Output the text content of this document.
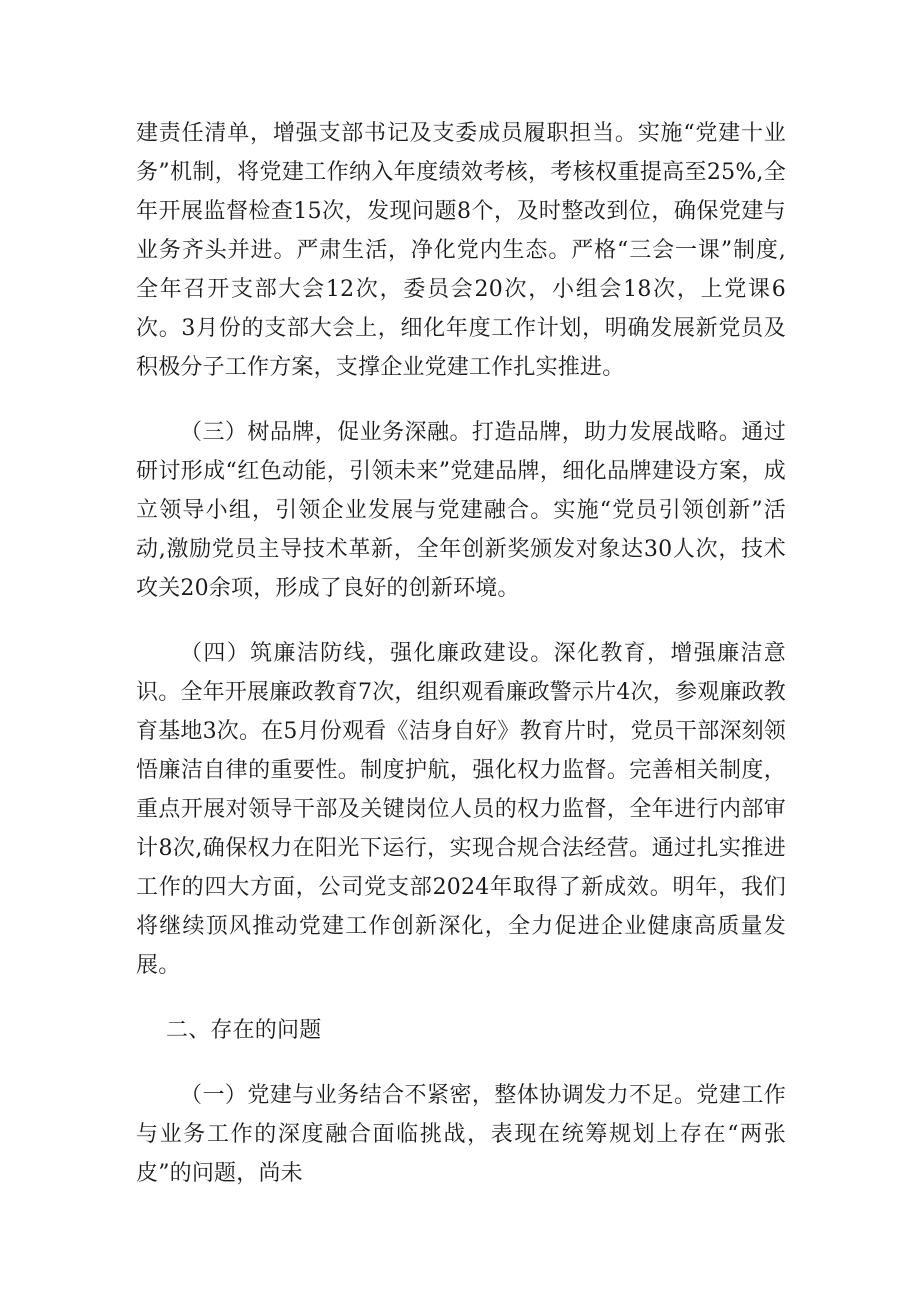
建责任清单，增强支部书记及支委成员履职担当。实施“党建十业务”机制，将党建工作纳入年度绩效考核，考核权重提高至25%,全年开展监督检查15次，发现问题8个，及时整改到位，确保党建与业务齐头并进。严肃生活，净化党内生态。严格“三会一课”制度,全年召开支部大会12次，委员会20次，小组会18次，上党课6次。3月份的支部大会上，细化年度工作计划，明确发展新党员及积极分子工作方案，支撑企业党建工作扎实推进。

（三）树品牌，促业务深融。打造品牌，助力发展战略。通过研讨形成“红色动能，引领未来”党建品牌，细化品牌建设方案，成立领导小组，引领企业发展与党建融合。实施“党员引领创新”活动,激励党员主导技术革新，全年创新奖颁发对象达30人次，技术攻关20余项，形成了良好的创新环境。

（四）筑廉洁防线，强化廉政建设。深化教育，增强廉洁意识。全年开展廉政教育7次，组织观看廉政警示片4次，参观廉政教育基地3次。在5月份观看《洁身自好》教育片时，党员干部深刻领悟廉洁自律的重要性。制度护航，强化权力监督。完善相关制度，重点开展对领导干部及关键岗位人员的权力监督，全年进行内部审计8次,确保权力在阳光下运行，实现合规合法经营。通过扎实推进工作的四大方面，公司党支部2024年取得了新成效。明年，我们将继续顶风推动党建工作创新深化，全力促进企业健康高质量发展。

二、存在的问题

（一）党建与业务结合不紧密，整体协调发力不足。党建工作与业务工作的深度融合面临挑战，表现在统筹规划上存在“两张皮”的问题，尚未
